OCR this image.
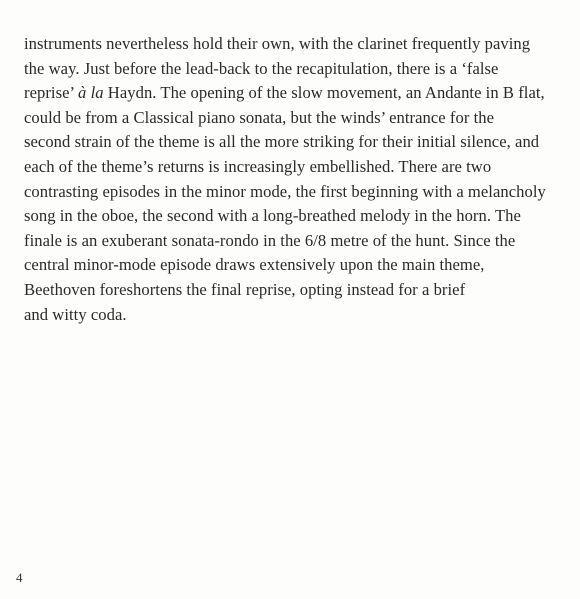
instruments nevertheless hold their own, with the clarinet frequently paving
the way. Just before the lead-back to the recapitulation, there is a ‘false
reprise’ à la Haydn. The opening of the slow movement, an Andante in B flat,
could be from a Classical piano sonata, but the winds’ entrance for the
second strain of the theme is all the more striking for their initial silence, and
each of the theme’s returns is increasingly embellished. There are two
contrasting episodes in the minor mode, the first beginning with a melancholy
song in the oboe, the second with a long-breathed melody in the horn. The
finale is an exuberant sonata-rondo in the 6/8 metre of the hunt. Since the
central minor-mode episode draws extensively upon the main theme,
Beethoven foreshortens the final reprise, opting instead for a brief
and witty coda.

4
